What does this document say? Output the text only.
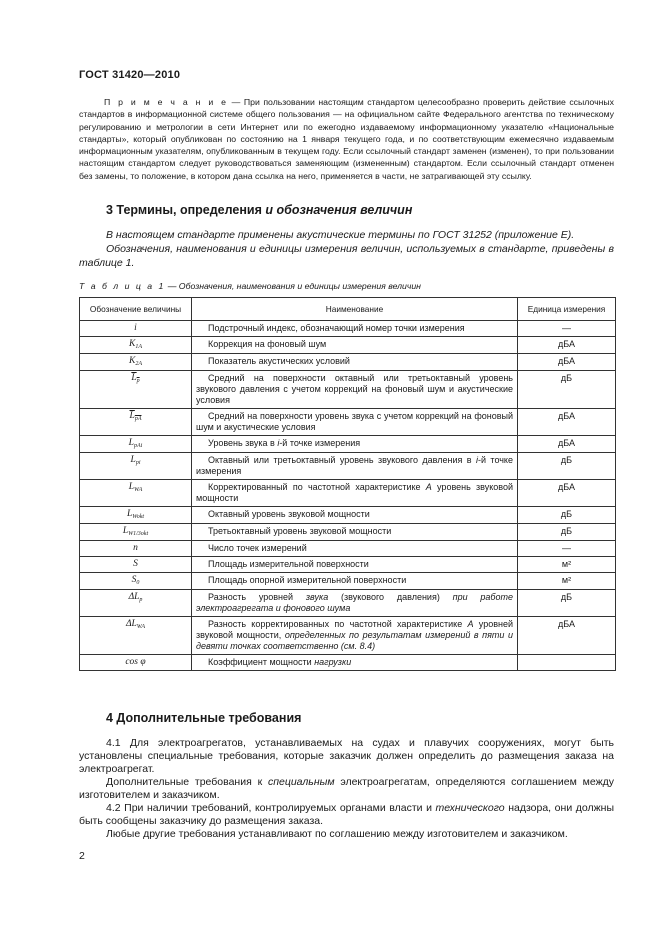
ГОСТ 31420—2010

П р и м е ч а н и е — При пользовании настоящим стандартом целесообразно проверить действие ссылочных стандартов в информационной системе общего пользования — на официальном сайте Федерального агентства по техническому регулированию и метрологии в сети Интернет или по ежегодно издаваемому информационному указателю «Национальные стандарты», который опубликован по состоянию на 1 января текущего года, и по соответствующим ежемесячно издаваемым информационным указателям, опубликованным в текущем году. Если ссылочный стандарт заменен (изменен), то при пользовании настоящим стандартом следует руководствоваться заменяющим (измененным) стандартом. Если ссылочный стандарт отменен без замены, то положение, в котором дана ссылка на него, применяется в части, не затрагивающей эту ссылку.

3 Термины, определения и обозначения величин

В настоящем стандарте применены акустические термины по ГОСТ 31252 (приложение Е).

Обозначения, наименования и единицы измерения величин, используемых в стандарте, приведены в таблице 1.

Т а б л и ц а 1 — Обозначения, наименования и единицы измерения величин
Обозначение величины	Наименование	Единица измерения
i	Подстрочный индекс, обозначающий номер точки измерения	—
$K_{1A}$	Коррекция на фоновый шум	дБА
$K_{2A}$	Показатель акустических условий	дБА
$\overline{L}_{\overline{p}}$	Средний на поверхности октавный или третьоктавный уровень звукового давления с учетом коррекций на фоновый шум и акустические условия	дБ
$\overline{L}_{\overline{pA}}$	Средний на поверхности уровень звука с учетом коррекций на фоновый шум и акустические условия	дБА
$L_{pAi}$	Уровень звука в i-й точке измерения	дБА
$L_{pi}$	Октавный или третьоктавный уровень звукового давления в i-й точке измерения	дБ
$L_{WA}$	Корректированный по частотной характеристике A уровень звуковой мощности	дБА
$L_{Wokt}$	Октавный уровень звуковой мощности	дБ
$L_{W1/3okt}$	Третьоктавный уровень звуковой мощности	дБ
n	Число точек измерений	—
S	Площадь измерительной поверхности	м²
$S_0$	Площадь опорной измерительной поверхности	м²
$\Delta L_p$	Разность уровней звука (звукового давления) при работе электроагрегата и фонового шума	дБ
$\Delta L_{WA}$	Разность корректированных по частотной характеристике A уровней звуковой мощности, определенных по результатам измерений в пяти и девяти точках соответственно (см. 8.4)	дБА
cos φ	Коэффициент мощности нагрузки	
4 Дополнительные требования

4.1 Для электроагрегатов, устанавливаемых на судах и плавучих сооружениях, могут быть установлены специальные требования, которые заказчик должен определить до размещения заказа на электроагрегат.

Дополнительные требования к специальным электроагрегатам, определяются соглашением между изготовителем и заказчиком.

4.2 При наличии требований, контролируемых органами власти и технического надзора, они должны быть сообщены заказчику до размещения заказа.

Любые другие требования устанавливают по соглашению между изготовителем и заказчиком.

2
